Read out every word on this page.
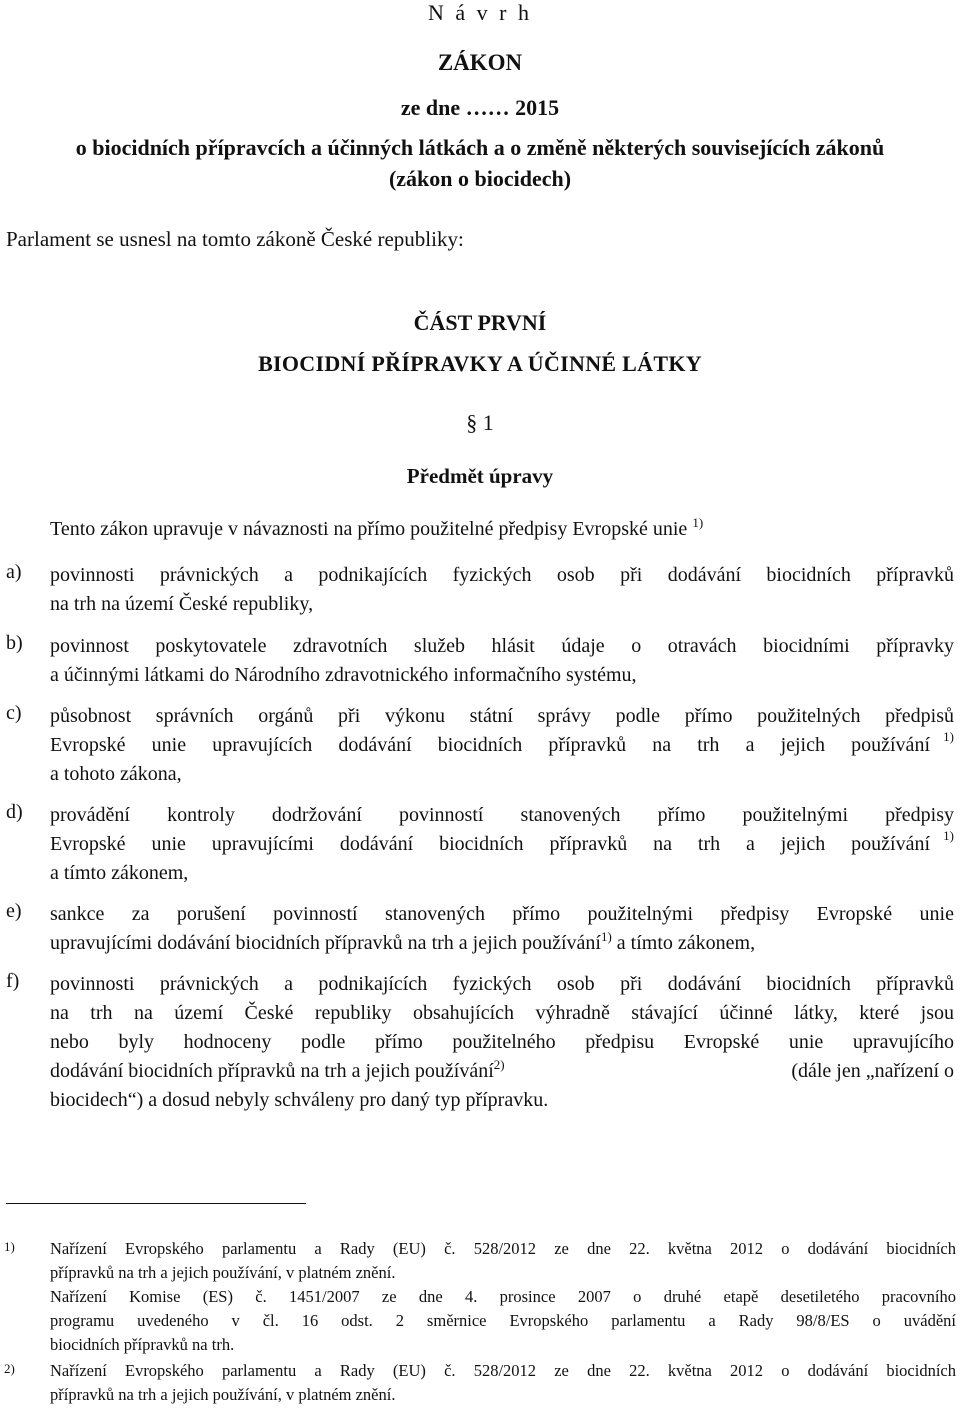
N á v r h
ZÁKON
ze dne …… 2015
o biocidních přípravcích a účinných látkách a o změně některých souvisejících zákonů
(zákon o biocidech)
Parlament se usnesl na tomto zákoně České republiky:
ČÁST PRVNÍ
BIOCIDNÍ PŘÍPRAVKY A ÚČINNÉ LÁTKY
§ 1
Předmět úpravy
Tento zákon upravuje v návaznosti na přímo použitelné předpisy Evropské unie $^{1)}$
a) povinnosti právnických a podnikajících fyzických osob při dodávání biocidních přípravků
na trh na území České republiky,
b) povinnost poskytovatele zdravotních služeb hlásit údaje o otravách biocidními přípravky
a účinnými látkami do Národního zdravotnického informačního systému,
c) působnost správních orgánů při výkonu státní správy podle přímo použitelných předpisů
Evropské unie upravujících dodávání biocidních přípravků na trh a jejich používání 1)
a tohoto zákona,
d) provádění kontroly dodržování povinností stanovených přímo použitelnými předpisy
Evropské unie upravujícími dodávání biocidních přípravků na trh a jejich používání 1)
a tímto zákonem,
e) sankce za porušení povinností stanovených přímo použitelnými předpisy Evropské unie
upravujícími dodávání biocidních přípravků na trh a jejich používání$^{1)}$ a tímto zákonem,
f) povinnosti právnických a podnikajících fyzických osob při dodávání biocidních přípravků
na trh na území České republiky obsahujících výhradně stávající účinné látky, které jsou
nebo byly hodnoceny podle přímo použitelného předpisu Evropské unie upravujícího
dodávání biocidních přípravků na trh a jejich používání$^{2)}$	(dále jen „nařízení o
biocidech“) a dosud nebyly schváleny pro daný typ přípravku.
1) Nařízení Evropského parlamentu a Rady (EU) č. 528/2012 ze dne 22. května 2012 o dodávání biocidních
přípravků na trh a jejich používání, v platném znění.
Nařízení Komise (ES) č. 1451/2007 ze dne 4. prosince 2007 o druhé etapě desetiletého pracovního
programu uvedeného v čl. 16 odst. 2 směrnice Evropského parlamentu a Rady 98/8/ES o uvádění
biocidních přípravků na trh.
2) Nařízení Evropského parlamentu a Rady (EU) č. 528/2012 ze dne 22. května 2012 o dodávání biocidních
přípravků na trh a jejich používání, v platném znění.
